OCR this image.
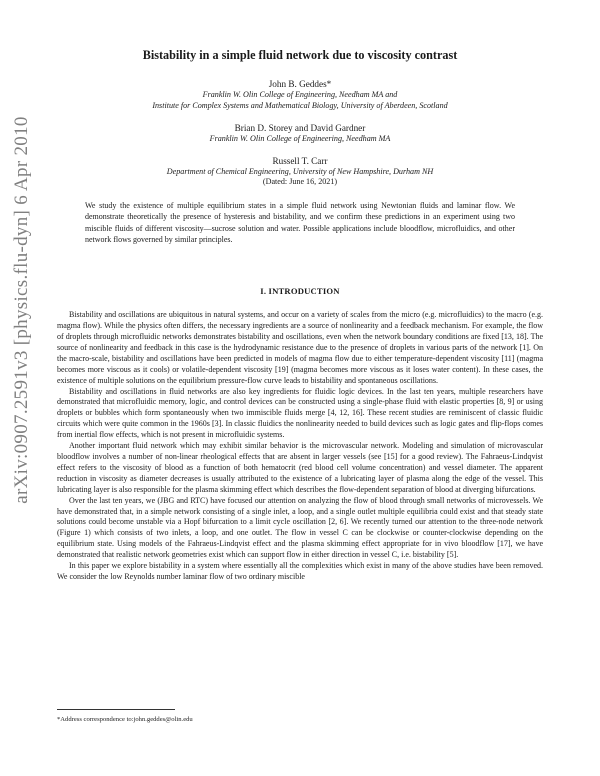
arXiv:0907.2591v3 [physics.flu-dyn] 6 Apr 2010
Bistability in a simple fluid network due to viscosity contrast

John B. Geddes*

Franklin W. Olin College of Engineering, Needham MA and

Institute for Complex Systems and Mathematical Biology, University of Aberdeen, Scotland

Brian D. Storey and David Gardner

Franklin W. Olin College of Engineering, Needham MA

Russell T. Carr

Department of Chemical Engineering, University of New Hampshire, Durham NH

(Dated: June 16, 2021)

We study the existence of multiple equilibrium states in a simple fluid network using Newtonian fluids and laminar flow. We demonstrate theoretically the presence of hysteresis and bistability, and we confirm these predictions in an experiment using two miscible fluids of different viscosity—sucrose solution and water. Possible applications include bloodflow, microfluidics, and other network flows governed by similar principles.

I. INTRODUCTION

Bistability and oscillations are ubiquitous in natural systems, and occur on a variety of scales from the micro (e.g. microfluidics) to the macro (e.g. magma flow). While the physics often differs, the necessary ingredients are a source of nonlinearity and a feedback mechanism. For example, the flow of droplets through microfluidic networks demonstrates bistability and oscillations, even when the network boundary conditions are fixed [13, 18]. The source of nonlinearity and feedback in this case is the hydrodynamic resistance due to the presence of droplets in various parts of the network [1]. On the macro-scale, bistability and oscillations have been predicted in models of magma flow due to either temperature-dependent viscosity [11] (magma becomes more viscous as it cools) or volatile-dependent viscosity [19] (magma becomes more viscous as it loses water content). In these cases, the existence of multiple solutions on the equilibrium pressure-flow curve leads to bistability and spontaneous oscillations.

Bistability and oscillations in fluid networks are also key ingredients for fluidic logic devices. In the last ten years, multiple researchers have demonstrated that microfluidic memory, logic, and control devices can be constructed using a single-phase fluid with elastic properties [8, 9] or using droplets or bubbles which form spontaneously when two immiscible fluids merge [4, 12, 16]. These recent studies are reminiscent of classic fluidic circuits which were quite common in the 1960s [3]. In classic fluidics the nonlinearity needed to build devices such as logic gates and flip-flops comes from inertial flow effects, which is not present in microfluidic systems.

Another important fluid network which may exhibit similar behavior is the microvascular network. Modeling and simulation of microvascular bloodflow involves a number of non-linear rheological effects that are absent in larger vessels (see [15] for a good review). The Fahraeus-Lindqvist effect refers to the viscosity of blood as a function of both hematocrit (red blood cell volume concentration) and vessel diameter. The apparent reduction in viscosity as diameter decreases is usually attributed to the existence of a lubricating layer of plasma along the edge of the vessel. This lubricating layer is also responsible for the plasma skimming effect which describes the flow-dependent separation of blood at diverging bifurcations.

Over the last ten years, we (JBG and RTC) have focused our attention on analyzing the flow of blood through small networks of microvessels. We have demonstrated that, in a simple network consisting of a single inlet, a loop, and a single outlet multiple equilibria could exist and that steady state solutions could become unstable via a Hopf bifurcation to a limit cycle oscillation [2, 6]. We recently turned our attention to the three-node network (Figure 1) which consists of two inlets, a loop, and one outlet. The flow in vessel C can be clockwise or counter-clockwise depending on the equilibrium state. Using models of the Fahraeus-Lindqvist effect and the plasma skimming effect appropriate for in vivo bloodflow [17], we have demonstrated that realistic network geometries exist which can support flow in either direction in vessel C, i.e. bistability [5].

In this paper we explore bistability in a system where essentially all the complexities which exist in many of the above studies have been removed. We consider the low Reynolds number laminar flow of two ordinary miscible

*Address correspondence to:john.geddes@olin.edu
